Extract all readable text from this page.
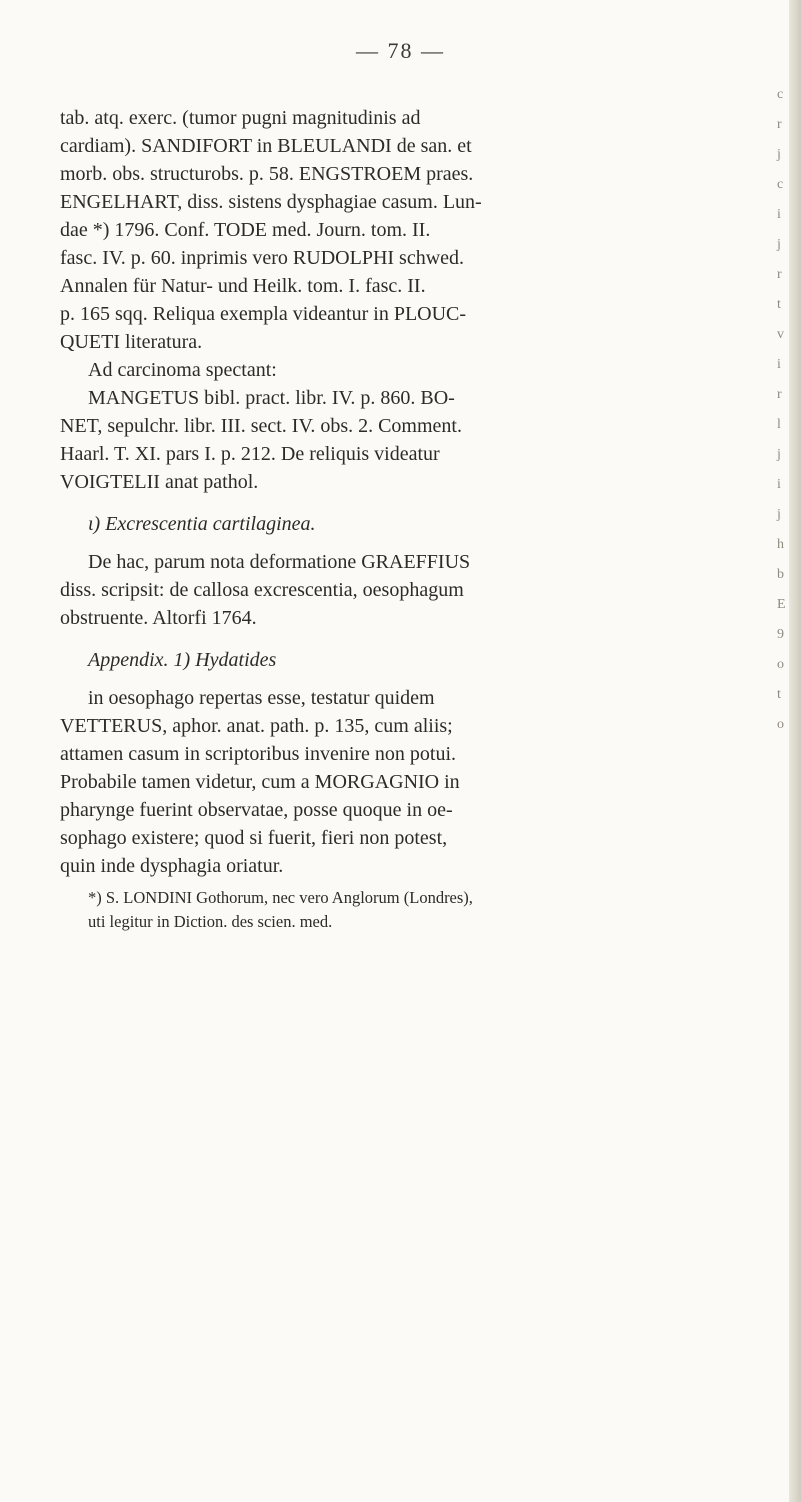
— 78 —
tab. atq. exerc. (tumor pugni magnitudinis ad
cardiam). SANDIFORT in BLEULANDI de san. et
morb. obs. structurobs. p. 58. ENGSTROEM praes.
ENGELHART, diss. sistens dysphagiae casum. Lun-
dae *) 1796. Conf. TODE med. Journ. tom. II.
fasc. IV. p. 60. inprimis vero RUDOLPHI schwed.
Annalen für Natur- und Heilk. tom. I. fasc. II.
p. 165 sqq. Reliqua exempla videantur in PLOUC-
QUETI literatura.
Ad carcinoma spectant:
MANGETUS bibl. pract. libr. IV. p. 860. BO-
NET, sepulchr. libr. III. sect. IV. obs. 2. Comment.
Haarl. T. XI. pars I. p. 212. De reliquis videatur
VOIGTELII anat pathol.
ι) Excrescentia cartilaginea.
De hac, parum nota deformatione GRAEFFIUS
diss. scripsit: de callosa excrescentia, oesophagum
obstruente. Altorfi 1764.
Appendix. 1) Hydatides
in oesophago repertas esse, testatur quidem
VETTERUS, aphor. anat. path. p. 135, cum aliis;
attamen casum in scriptoribus invenire non potui.
Probabile tamen videtur, cum a MORGAGNIO in
pharynge fuerint observatae, posse quoque in oe-
sophago existere; quod si fuerit, fieri non potest,
quin inde dysphagia oriatur.
*) S. LONDINI Gothorum, nec vero Anglorum (Londres),
uti legitur in Diction. des scien. med.
c
r
j
c
i
j
r
t
v
i
r
l
j
i
j
h
b
E
9
o
t
o
